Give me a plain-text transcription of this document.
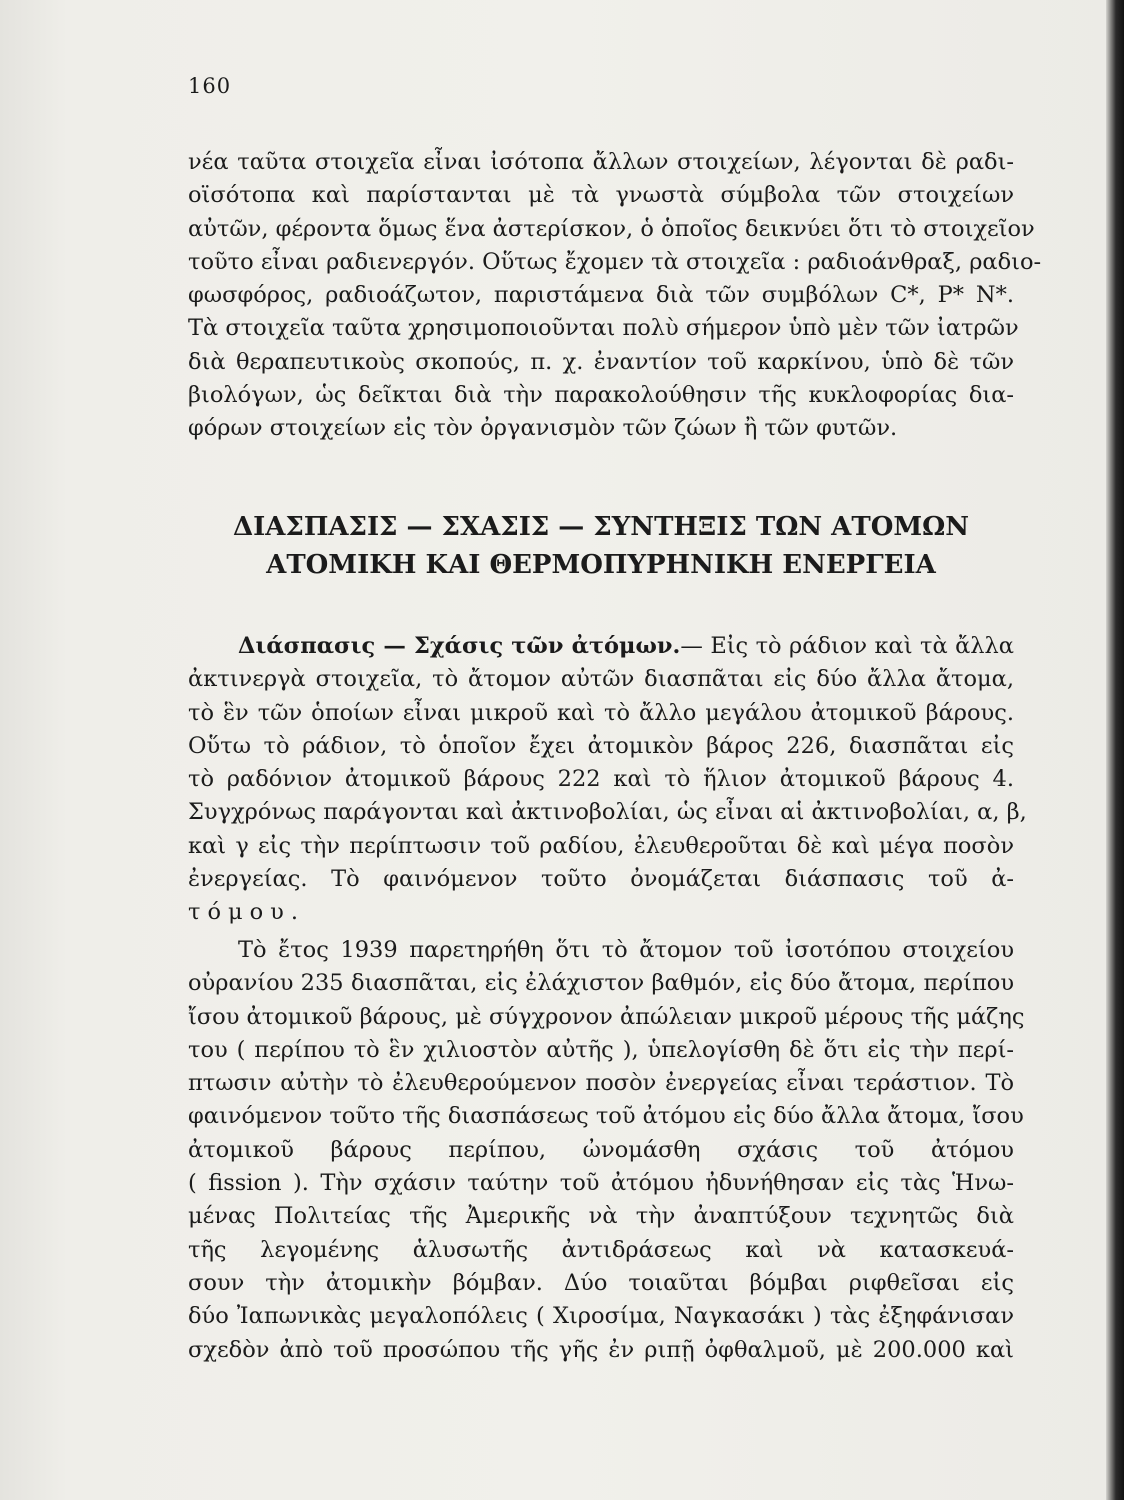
160
νέα ταῦτα στοιχεῖα εἶναι ἰσότοπα ἄλλων στοιχείων, λέγονται δὲ ραδι-
οϊσότοπα καὶ παρίστανται μὲ τὰ γνωστὰ σύμβολα τῶν στοιχείων
αὐτῶν, φέροντα ὅμως ἕνα ἀστερίσκον, ὁ ὁποῖος δεικνύει ὅτι τὸ στοιχεῖον
τοῦτο εἶναι ραδιενεργόν. Οὕτως ἔχομεν τὰ στοιχεῖα : ραδιοάνθραξ, ραδιο-
φωσφόρος, ραδιοάζωτον, παριστάμενα διὰ τῶν συμβόλων C*, P* N*.
Τὰ στοιχεῖα ταῦτα χρησιμοποιοῦνται πολὺ σήμερον ὑπὸ μὲν τῶν ἰατρῶν
διὰ θεραπευτικοὺς σκοπούς, π. χ. ἐναντίον τοῦ καρκίνου, ὑπὸ δὲ τῶν
βιολόγων, ὡς δεῖκται διὰ τὴν παρακολούθησιν τῆς κυκλοφορίας δια-
φόρων στοιχείων εἰς τὸν ὀργανισμὸν τῶν ζώων ἢ τῶν φυτῶν.
ΔΙΑΣΠΑΣΙΣ — ΣΧΑΣΙΣ — ΣΥΝΤΗΞΙΣ ΤΩΝ ΑΤΟΜΩΝ
ΑΤΟΜΙΚΗ ΚΑΙ ΘΕΡΜΟΠΥΡΗΝΙΚΗ ΕΝΕΡΓΕΙΑ
Διάσπασις — Σχάσις τῶν ἀτόμων.— Εἰς τὸ ράδιον καὶ τὰ ἄλλα
ἀκτινεργὰ στοιχεῖα, τὸ ἄτομον αὐτῶν διασπᾶται εἰς δύο ἄλλα ἄτομα,
τὸ ἓν τῶν ὁποίων εἶναι μικροῦ καὶ τὸ ἄλλο μεγάλου ἀτομικοῦ βάρους.
Οὕτω τὸ ράδιον, τὸ ὁποῖον ἔχει ἀτομικὸν βάρος 226, διασπᾶται εἰς
τὸ ραδόνιον ἀτομικοῦ βάρους 222 καὶ τὸ ἥλιον ἀτομικοῦ βάρους 4.
Συγχρόνως παράγονται καὶ ἀκτινοβολίαι, ὡς εἶναι αἱ ἀκτινοβολίαι, α, β,
καὶ γ εἰς τὴν περίπτωσιν τοῦ ραδίου, ἐλευθεροῦται δὲ καὶ μέγα ποσὸν
ἐνεργείας. Τὸ φαινόμενον τοῦτο ὀνομάζεται διάσπασις τοῦ ἀ-
τόμου.
Τὸ ἔτος 1939 παρετηρήθη ὅτι τὸ ἄτομον τοῦ ἰσοτόπου στοιχείου
οὐρανίου 235 διασπᾶται, εἰς ἐλάχιστον βαθμόν, εἰς δύο ἄτομα, περίπου
ἴσου ἀτομικοῦ βάρους, μὲ σύγχρονον ἀπώλειαν μικροῦ μέρους τῆς μάζης
του ( περίπου τὸ ἓν χιλιοστὸν αὐτῆς ), ὑπελογίσθη δὲ ὅτι εἰς τὴν περί-
πτωσιν αὐτὴν τὸ ἐλευθερούμενον ποσὸν ἐνεργείας εἶναι τεράστιον. Τὸ
φαινόμενον τοῦτο τῆς διασπάσεως τοῦ ἀτόμου εἰς δύο ἄλλα ἄτομα, ἴσου
ἀτομικοῦ βάρους περίπου, ὠνομάσθη σχάσις τοῦ ἀτόμου
( fission ). Τὴν σχάσιν ταύτην τοῦ ἀτόμου ἠδυνήθησαν εἰς τὰς Ἡνω-
μένας Πολιτείας τῆς Ἀμερικῆς νὰ τὴν ἀναπτύξουν τεχνητῶς διὰ
τῆς λεγομένης ἁλυσωτῆς ἀντιδράσεως καὶ νὰ κατασκευά-
σουν τὴν ἀτομικὴν βόμβαν. Δύο τοιαῦται βόμβαι ριφθεῖσαι εἰς
δύο Ἰαπωνικὰς μεγαλοπόλεις ( Χιροσίμα, Ναγκασάκι ) τὰς ἐξηφάνισαν
σχεδὸν ἀπὸ τοῦ προσώπου τῆς γῆς ἐν ριπῇ ὀφθαλμοῦ, μὲ 200.000 καὶ
